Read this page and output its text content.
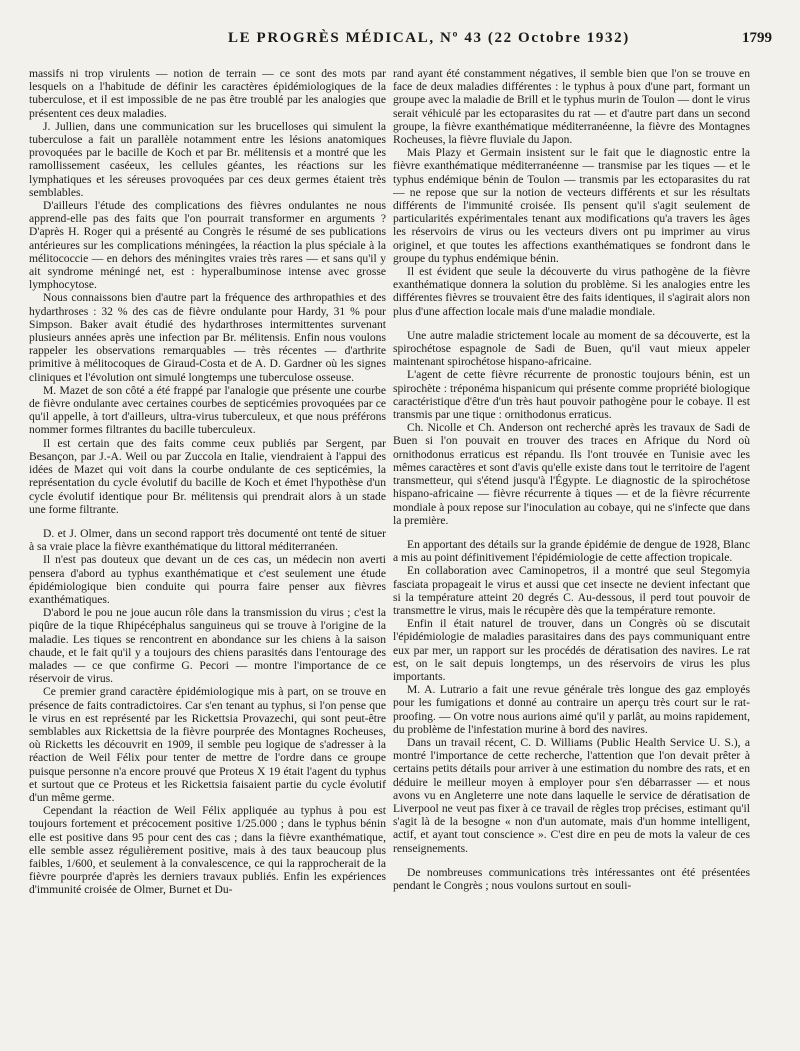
LE PROGRÈS MÉDICAL, Nº 43 (22 Octobre 1932)	1799

massifs ni trop virulents — notion de terrain — ce sont des mots par lesquels on a l'habitude de définir les caractères épidémiologiques de la tuberculose, et il est impossible de ne pas être troublé par les analogies que présentent ces deux maladies.

J. Jullien, dans une communication sur les brucelloses qui simulent la tuberculose a fait un parallèle notamment entre les lésions anatomiques provoquées par le bacille de Koch et par Br. mélitensis et a montré que les ramollissement caséeux, les cellules géantes, les réactions sur les lymphatiques et les séreuses provoquées par ces deux germes étaient très semblables.

D'ailleurs l'étude des complications des fièvres ondulantes ne nous apprend-elle pas des faits que l'on pourrait transformer en arguments ? D'après H. Roger qui a présenté au Congrès le résumé de ses publications antérieures sur les complications méningées, la réaction la plus spéciale à la mélitococcie — en dehors des méningites vraies très rares — et sans qu'il y ait syndrome méningé net, est : hyperalbuminose intense avec grosse lymphocytose.

Nous connaissons bien d'autre part la fréquence des arthropathies et des hydarthroses : 32 % des cas de fièvre ondulante pour Hardy, 31 % pour Simpson. Baker avait étudié des hydarthroses intermittentes survenant plusieurs années après une infection par Br. mélitensis. Enfin nous voulons rappeler les observations remarquables — très récentes — d'arthrite primitive à mélitocoques de Giraud-Costa et de A. D. Gardner où les signes cliniques et l'évolution ont simulé longtemps une tuberculose osseuse.

M. Mazet de son côté a été frappé par l'analogie que présente une courbe de fièvre ondulante avec certaines courbes de septicémies provoquées par ce qu'il appelle, à tort d'ailleurs, ultra-virus tuberculeux, et que nous préférons nommer formes filtrantes du bacille tuberculeux.

Il est certain que des faits comme ceux publiés par Sergent, par Besançon, par J.-A. Weil ou par Zuccola en Italie, viendraient à l'appui des idées de Mazet qui voit dans la courbe ondulante de ces septicémies, la représentation du cycle évolutif du bacille de Koch et émet l'hypothèse d'un cycle évolutif identique pour Br. mélitensis qui prendrait alors à un stade une forme filtrante.

D. et J. Olmer, dans un second rapport très documenté ont tenté de situer à sa vraie place la fièvre exanthématique du littoral méditerranéen.

Il n'est pas douteux que devant un de ces cas, un médecin non averti pensera d'abord au typhus exanthématique et c'est seulement une étude épidémiologique bien conduite qui pourra faire penser aux fièvres exanthématiques.

D'abord le pou ne joue aucun rôle dans la transmission du virus ; c'est la piqûre de la tique Rhipécéphalus sanguineus qui se trouve à l'origine de la maladie. Les tiques se rencontrent en abondance sur les chiens à la saison chaude, et le fait qu'il y a toujours des chiens parasités dans l'entourage des malades — ce que confirme G. Pecori — montre l'importance de ce réservoir de virus.

Ce premier grand caractère épidémiologique mis à part, on se trouve en présence de faits contradictoires. Car s'en tenant au typhus, si l'on pense que le virus en est représenté par les Rickettsia Provazechi, qui sont peut-être semblables aux Rickettsia de la fièvre pourprée des Montagnes Rocheuses, où Ricketts les découvrit en 1909, il semble peu logique de s'adresser à la réaction de Weil Félix pour tenter de mettre de l'ordre dans ce groupe puisque personne n'a encore prouvé que Proteus X 19 était l'agent du typhus et surtout que ce Proteus et les Rickettsia faisaient partie du cycle évolutif d'un même germe.

Cependant la réaction de Weil Félix appliquée au typhus à pou est toujours fortement et précocement positive 1/25.000 ; dans le typhus bénin elle est positive dans 95 pour cent des cas ; dans la fièvre exanthématique, elle semble assez régulièrement positive, mais à des taux beaucoup plus faibles, 1/600, et seulement à la convalescence, ce qui la rapprocherait de la fièvre pourprée d'après les derniers travaux publiés. Enfin les expériences d'immunité croisée de Olmer, Burnet et Du-

rand ayant été constamment négatives, il semble bien que l'on se trouve en face de deux maladies différentes : le typhus à poux d'une part, formant un groupe avec la maladie de Brill et le typhus murin de Toulon — dont le virus serait véhiculé par les ectoparasites du rat — et d'autre part dans un second groupe, la fièvre exanthématique méditerranéenne, la fièvre des Montagnes Rocheuses, la fièvre fluviale du Japon.

Mais Plazy et Germain insistent sur le fait que le diagnostic entre la fièvre exanthématique méditerranéenne — transmise par les tiques — et le typhus endémique bénin de Toulon — transmis par les ectoparasites du rat — ne repose que sur la notion de vecteurs différents et sur les résultats différents de l'immunité croisée. Ils pensent qu'il s'agit seulement de particularités expérimentales tenant aux modifications qu'a travers les âges les réservoirs de virus ou les vecteurs divers ont pu imprimer au virus originel, et que toutes les affections exanthématiques se fondront dans le groupe du typhus endémique bénin.

Il est évident que seule la découverte du virus pathogène de la fièvre exanthématique donnera la solution du problème. Si les analogies entre les différentes fièvres se trouvaient être des faits identiques, il s'agirait alors non plus d'une affection locale mais d'une maladie mondiale.

Une autre maladie strictement locale au moment de sa découverte, est la spirochétose espagnole de Sadi de Buen, qu'il vaut mieux appeler maintenant spirochétose hispano-africaine.

L'agent de cette fièvre récurrente de pronostic toujours bénin, est un spirochète : tréponéma hispanicum qui présente comme propriété biologique caractéristique d'être d'un très haut pouvoir pathogène pour le cobaye. Il est transmis par une tique : ornithodonus erraticus.

Ch. Nicolle et Ch. Anderson ont recherché après les travaux de Sadi de Buen si l'on pouvait en trouver des traces en Afrique du Nord où ornithodonus erraticus est répandu. Ils l'ont trouvée en Tunisie avec les mêmes caractères et sont d'avis qu'elle existe dans tout le territoire de l'agent transmetteur, qui s'étend jusqu'à l'Égypte. Le diagnostic de la spirochétose hispano-africaine — fièvre récurrente à tiques — et de la fièvre récurrente mondiale à poux repose sur l'inoculation au cobaye, qui ne s'infecte que dans la première.

En apportant des détails sur la grande épidémie de dengue de 1928, Blanc a mis au point définitivement l'épidémiologie de cette affection tropicale.

En collaboration avec Caminopetros, il a montré que seul Stegomyia fasciata propageait le virus et aussi que cet insecte ne devient infectant que si la température atteint 20 degrés C. Au-dessous, il perd tout pouvoir de transmettre le virus, mais le récupère dès que la température remonte.

Enfin il était naturel de trouver, dans un Congrès où se discutait l'épidémiologie de maladies parasitaires dans des pays communiquant entre eux par mer, un rapport sur les procédés de dératisation des navires. Le rat est, on le sait depuis longtemps, un des réservoirs de virus les plus importants.

M. A. Lutrario a fait une revue générale très longue des gaz employés pour les fumigations et donné au contraire un aperçu très court sur le rat-proofing. — On votre nous aurions aimé qu'il y parlât, au moins rapidement, du problème de l'infestation murine à bord des navires.

Dans un travail récent, C. D. Williams (Public Health Service U. S.), a montré l'importance de cette recherche, l'attention que l'on devait prêter à certains petits détails pour arriver à une estimation du nombre des rats, et en déduire le meilleur moyen à employer pour s'en débarrasser — et nous avons vu en Angleterre une note dans laquelle le service de dératisation de Liverpool ne veut pas fixer à ce travail de règles trop précises, estimant qu'il s'agit là de la besogne « non d'un automate, mais d'un homme intelligent, actif, et ayant tout conscience ». C'est dire en peu de mots la valeur de ces renseignements.

De nombreuses communications très intéressantes ont été présentées pendant le Congrès ; nous voulons surtout en souli-
